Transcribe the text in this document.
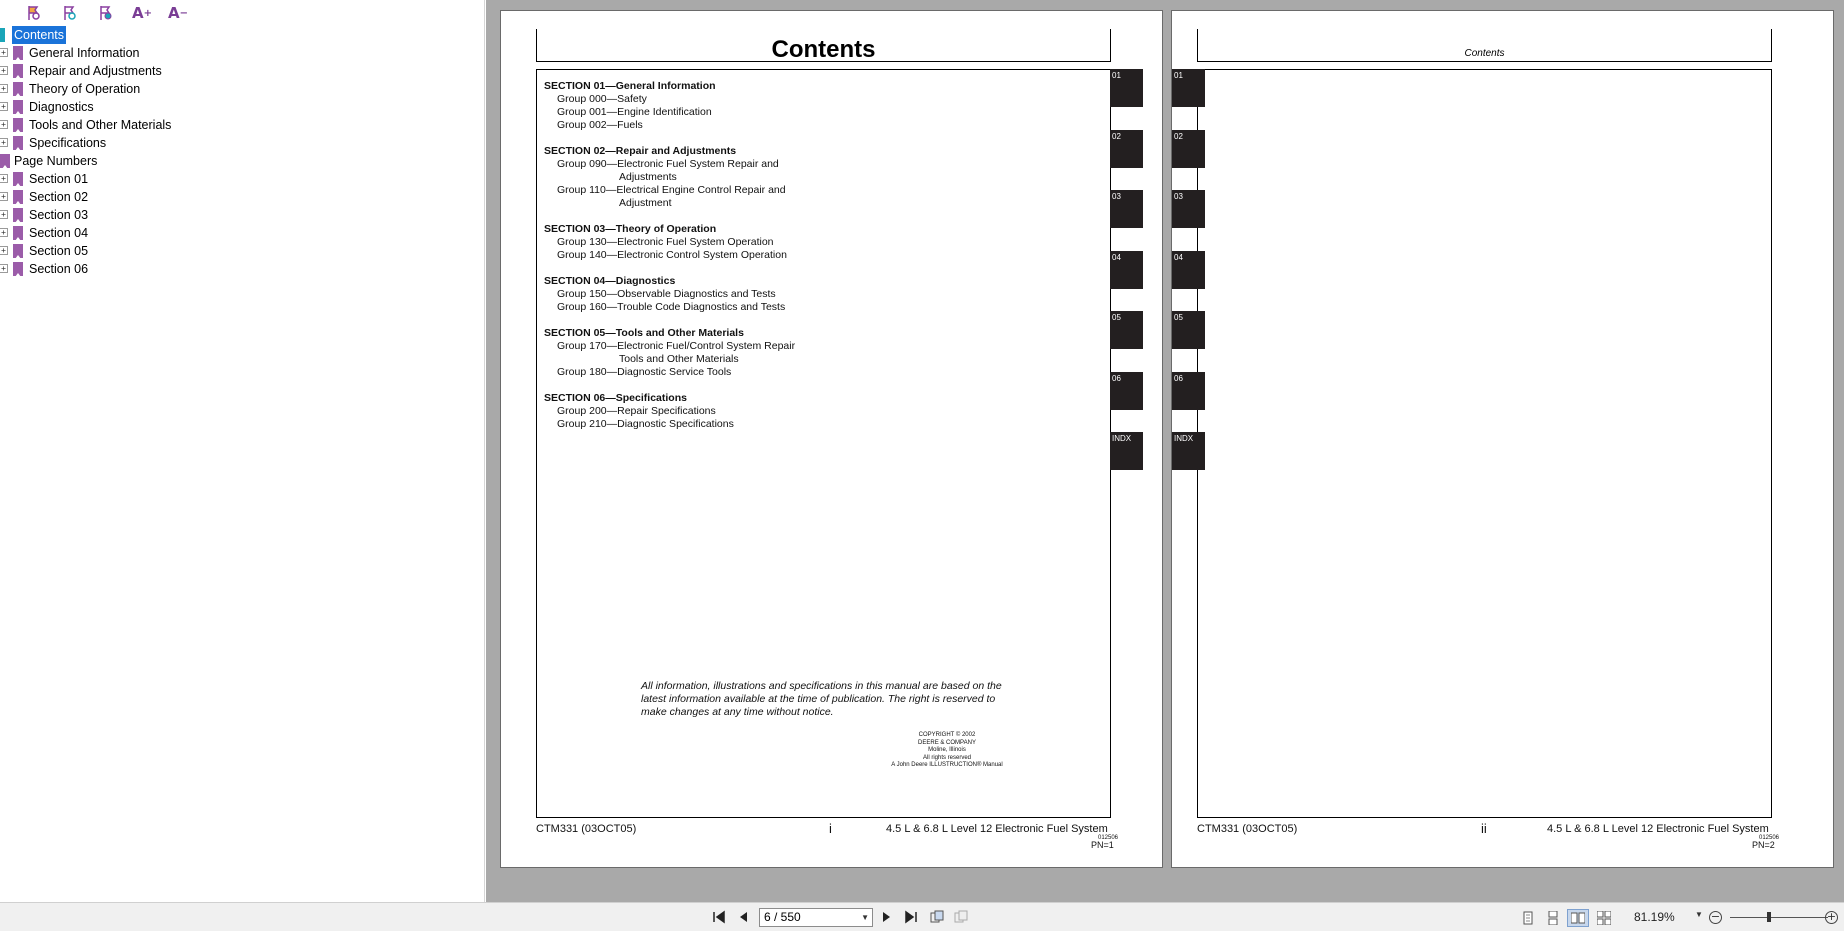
A + A −
Contents
+ General Information
+ Repair and Adjustments
+ Theory of Operation
+ Diagnostics
+ Tools and Other Materials
+ Specifications
Page Numbers
+ Section 01
+ Section 02
+ Section 03
+ Section 04
+ Section 05
+ Section 06
Contents
SECTION 01—General Information
Group 000—Safety
Group 001—Engine Identification
Group 002—Fuels
SECTION 02—Repair and Adjustments
Group 090—Electronic Fuel System Repair and
Adjustments
Group 110—Electrical Engine Control Repair and
Adjustment
SECTION 03—Theory of Operation
Group 130—Electronic Fuel System Operation
Group 140—Electronic Control System Operation
SECTION 04—Diagnostics
Group 150—Observable Diagnostics and Tests
Group 160—Trouble Code Diagnostics and Tests
SECTION 05—Tools and Other Materials
Group 170—Electronic Fuel/Control System Repair
Tools and Other Materials
Group 180—Diagnostic Service Tools
SECTION 06—Specifications
Group 200—Repair Specifications
Group 210—Diagnostic Specifications
All information, illustrations and specifications in this manual are based on the latest information available at the time of publication. The right is reserved to make changes at any time without notice.
COPYRIGHT © 2002
DEERE & COMPANY
Moline, Illinois
All rights reserved
A John Deere ILLUSTRUCTION® Manual
01
02
03
04
05
06
INDX
CTM331 (03OCT05)	i	4.5 L & 6.8 L Level 12 Electronic Fuel System
012506
PN=1
Contents
01
02
03
04
05
06
INDX
CTM331 (03OCT05)	ii	4.5 L & 6.8 L Level 12 Electronic Fuel System
012506
PN=2
6 / 550	▼	81.19%	▼ −	+
